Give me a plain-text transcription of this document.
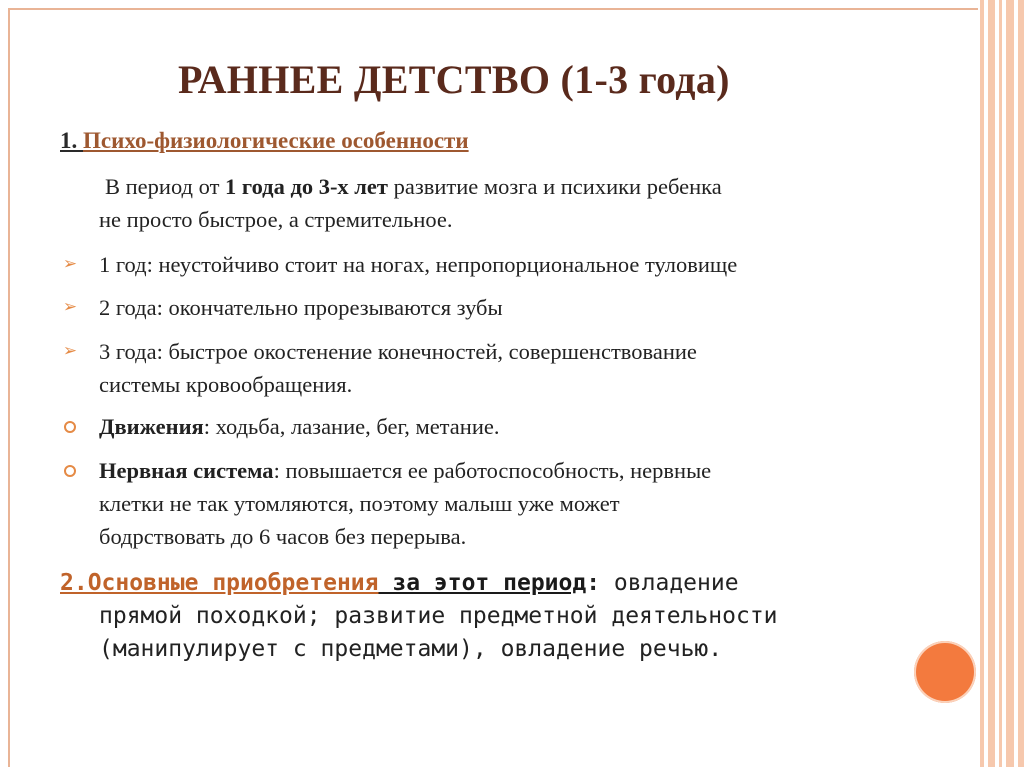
РАННЕЕ ДЕТСТВО (1-3 года)
1. Психо-физиологические особенности
В период от 1 года до 3-х лет развитие мозга и психики ребенка
не просто быстрое, а стремительное.
➢ 1 год: неустойчиво стоит на ногах, непропорциональное туловище
➢ 2 года: окончательно прорезываются зубы
➢ 3 года: быстрое окостенение конечностей, совершенствование
системы кровообращения.
Движения: ходьба, лазание, бег, метание.
Нервная система: повышается ее работоспособность, нервные
клетки не так утомляются, поэтому малыш уже может
бодрствовать до 6 часов без перерыва.
2.Основные приобретения за этот период: овладение
прямой походкой; развитие предметной деятельности
(манипулирует с предметами), овладение речью.
